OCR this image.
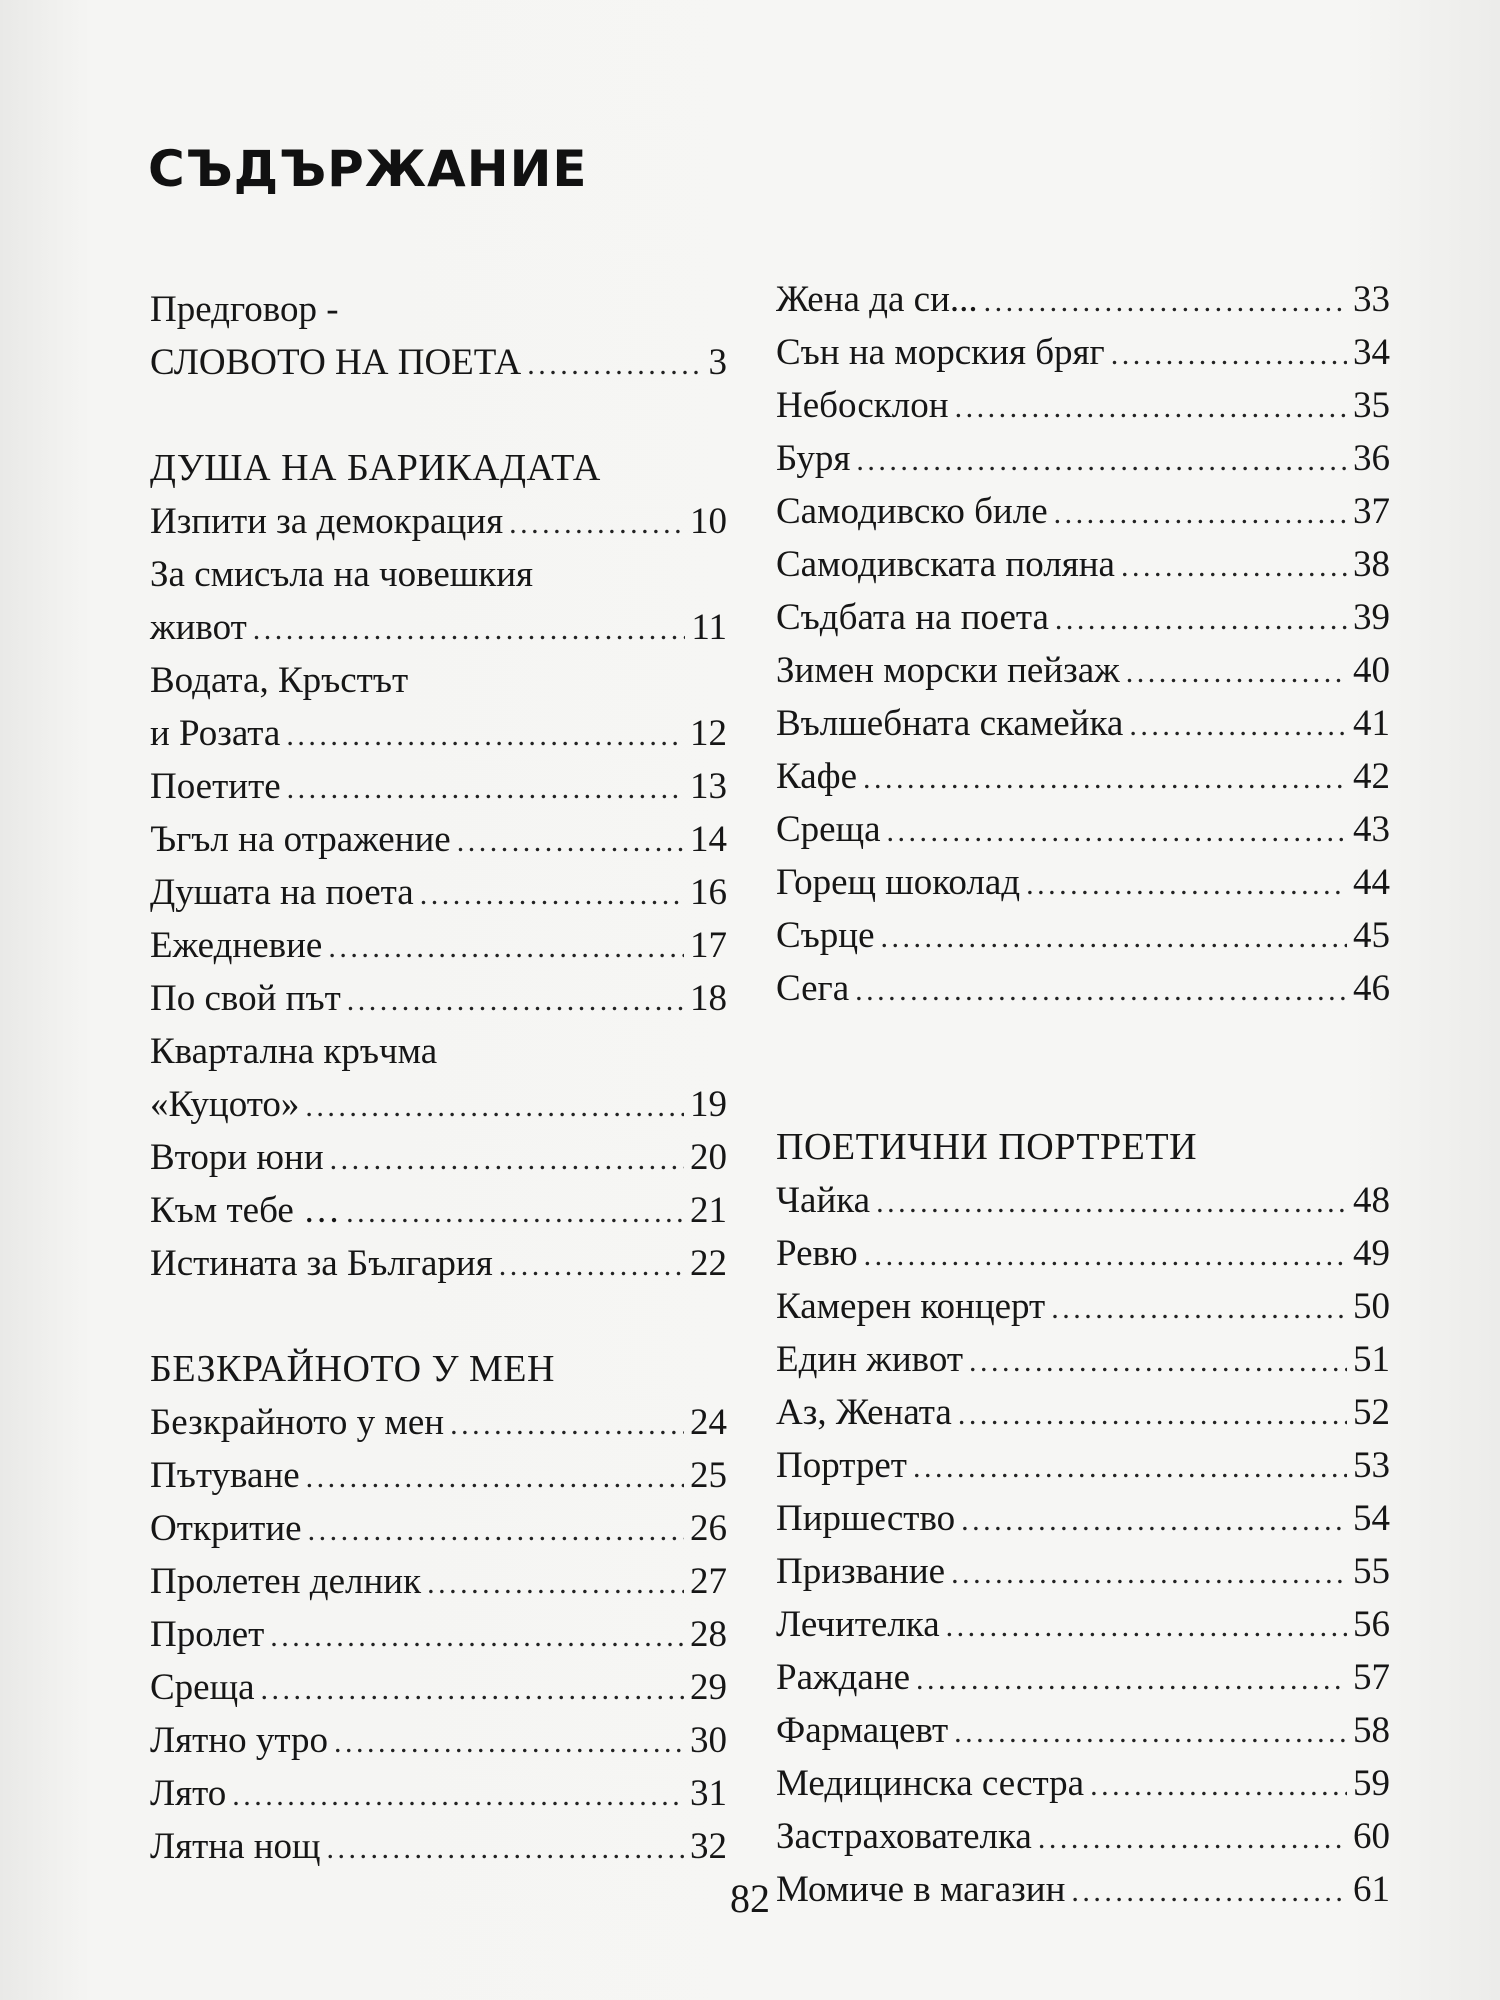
СЪДЪРЖАНИЕ
Предговор -
СЛОВОТО НА ПОЕТА . . .	3
ДУША НА БАРИКАДАТА
Изпити за демокрация . . .	10
За смисъла на човешкия
живот . . .	11
Водата, Кръстът
и Розата . . .	12
Поетите . . .	13
Ъгъл на отражение . . .	14
Душата на поета . . .	16
Ежедневие . . .	17
По свой път . . .	18
Квартална кръчма
«Куцото» . . .	19
Втори юни . . .	20
Към тебе … . . .	21
Истината за България . . .	22
БЕЗКРАЙНОТО У МЕН
Безкрайното у мен . . .	24
Пътуване . . .	25
Откритие . . .	26
Пролетен делник . . .	27
Пролет . . .	28
Среща . . .	29
Лятно утро . . .	30
Лято . . .	31
Лятна нощ . . .	32
Жена да си... . . .	33
Сън на морския бряг . . .	34
Небосклон . . .	35
Буря . . .	36
Самодивско биле . . .	37
Самодивската поляна . . .	38
Съдбата на поета . . .	39
Зимен морски пейзаж . . .	40
Вълшебната скамейка . . .	41
Кафе . . .	42
Среща . . .	43
Горещ шоколад . . .	44
Сърце . . .	45
Сега . . .	46
ПОЕТИЧНИ ПОРТРЕТИ
Чайка . . .	48
Ревю . . .	49
Камерен концерт . . .	50
Един живот . . .	51
Аз, Жената . . .	52
Портрет . . .	53
Пиршество . . .	54
Призвание . . .	55
Лечителка . . .	56
Раждане . . .	57
Фармацевт . . .	58
Медицинска сестра . . .	59
Застрахователка . . .	60
Момиче в магазин . . .	61
82
